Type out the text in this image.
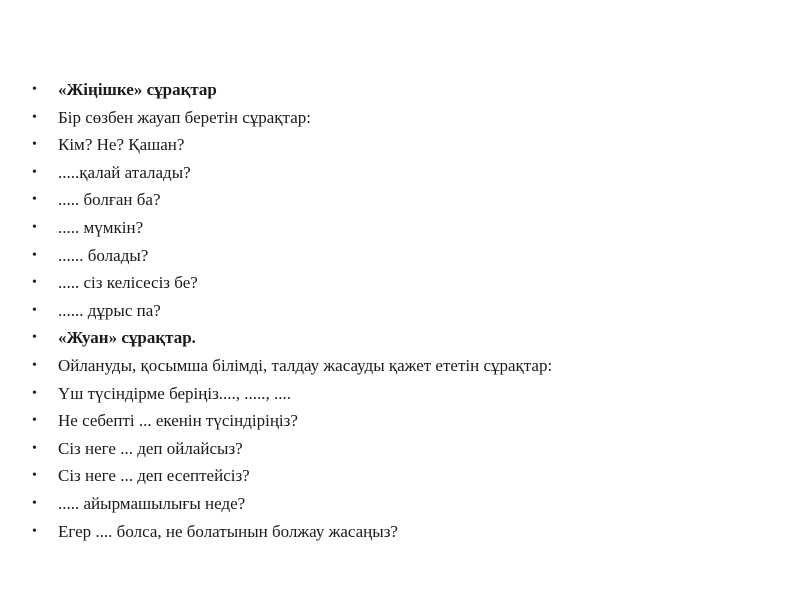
•	«Жіңішке» сұрақтар
•	Бір сөзбен жауап беретін сұрақтар:
•	Кім? Не? Қашан?
•	.....қалай аталады?
•	..... болған ба?
•	..... мүмкін?
•	...... болады?
•	..... сіз келісесіз бе?
•	...... дұрыс па?
•	«Жуан» сұрақтар.
•	Ойлануды, қосымша білімді, талдау жасауды қажет ететін сұрақтар:
•	Үш түсіндірме беріңіз...., ....., ....
•	Не себепті ... екенін түсіндіріңіз?
•	Сіз неге ... деп ойлайсыз?
•	Сіз неге ... деп есептейсіз?
•	..... айырмашылығы неде?
•	Егер .... болса, не болатынын болжау жасаңыз?
